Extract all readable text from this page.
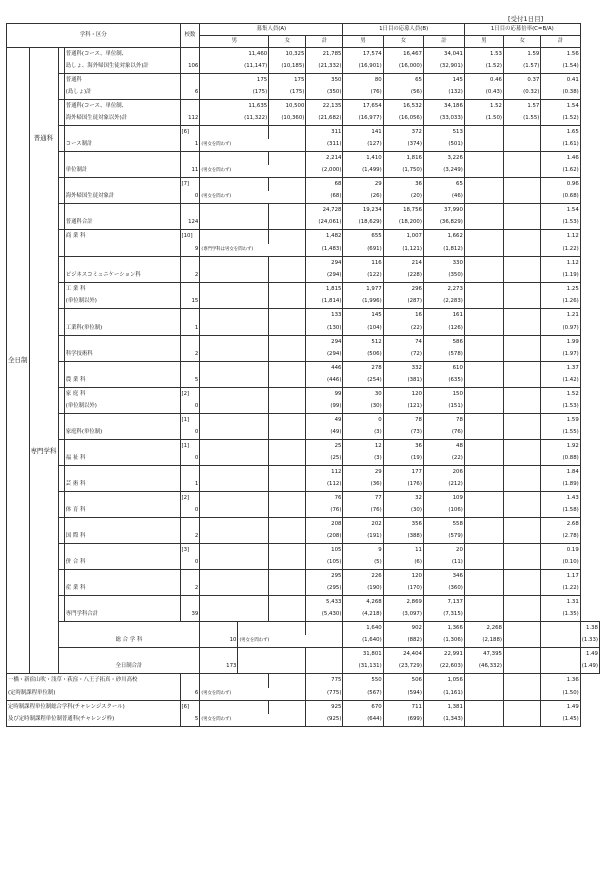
[受付1日目]
学科・区分				校数	募集人員(A)				1日目の応募人員(B)			1日目の応募倍率(C=B/A)			
					男		女	計	男	女	計	男	女	計	
全日制	普通科		普通科(コース、単位制、		11,460		10,325	21,785	17,574	16,467	34,041	1.53	1.59	1.56	
			島しょ、海外帰国生徒対象以外)計	106	(11,147)		(10,185)	(21,332)	(16,901)	(16,000)	(32,901)	(1.52)	(1.57)	(1.54)	
			普通科		175		175	350	80	65	145	0.46	0.37	0.41	
			(島しょ)計	6	(175)		(175)	(350)	(76)	(56)	(132)	(0.43)	(0.32)	(0.38)	
			普通科(コース、単位制、		11,635		10,500	22,135	17,654	16,532	34,186	1.52	1.57	1.54	
			海外帰国生徒対象以外)計	112	(11,322)		(10,360)	(21,682)	(16,977)	(16,056)	(33,033)	(1.50)	(1.55)	(1.52)	
				[6]				311	141	372	513			1.65	
			コース制計	1	(男女を問わず)			(311)	(127)	(374)	(501)			(1.61)	
								2,214	1,410	1,816	3,226			1.46	
			単位制計	11	(男女を問わず)			(2,000)	(1,499)	(1,750)	(3,249)			(1.62)	
				[7]				68	29	36	65			0.96	
			海外帰国生徒対象計	0	(男女を問わず)			(68)	(26)	(20)	(46)			(0.68)	
								24,728	19,234	18,756	37,990			1.54	
			普通科合計	124				(24,061)	(18,629)	(18,200)	(36,829)			(1.53)	
	専門学科		商 業 科	[10]				1,482	655	1,007	1,662			1.12	
				9	(専門学科は男女を問わず)			(1,483)	(691)	(1,121)	(1,812)			(1.22)	
								294	116	214	330			1.12	
			ビジネスコミュニケーション科	2				(294)	(122)	(228)	(350)			(1.19)	
			工 業 科					1,815	1,977	296	2,273			1.25	
			(単位制以外)	15				(1,814)	(1,996)	(287)	(2,283)			(1.26)	
								133	145	16	161			1.21	
			工業科(単位制)	1				(130)	(104)	(22)	(126)			(0.97)	
								294	512	74	586			1.99	
			科学技術科	2				(294)	(506)	(72)	(578)			(1.97)	
								446	278	332	610			1.37	
			農 業 科	5				(446)	(254)	(381)	(635)			(1.42)	
			家 庭 科	[2]				99	30	120	150			1.52	
			(単位制以外)	0				(99)	(30)	(121)	(151)			(1.53)	
				[1]				49	0	78	78			1.59	
			家庭科(単位制)	0				(49)	(3)	(73)	(76)			(1.55)	
				[1]				25	12	36	48			1.92	
			福 祉 科	0				(25)	(3)	(19)	(22)			(0.88)	
								112	29	177	206			1.84	
			芸 術 科	1				(112)	(36)	(176)	(212)			(1.89)	
				[2]				76	77	32	109			1.43	
			体 育 科	0				(76)	(76)	(30)	(106)			(1.58)	
								208	202	356	558			2.68	
			国 際 科	2				(208)	(191)	(388)	(579)			(2.78)	
				[3]				105	9	11	20			0.19	
			併 合 科	0				(105)	(5)	(6)	(11)			(0.10)	
								295	226	120	346			1.17	
			産 業 科	2				(295)	(190)	(170)	(360)			(1.22)	
								5,433	4,268	2,869	7,137			1.31	
			専門学科合計	39				(5,430)	(4,218)	(3,097)	(7,315)			(1.35)	
									1,640	902	1,366	2,268			1.38
		総 合 学 科			10	(男女を問わず)			(1,640)	(882)	(1,306)	(2,188)			(1.33)
									31,801	24,404	22,991	47,395			1.49
		全日制合計			173				(31,131)	(23,729)	(22,603)	(46,332)			(1.49)
一橋・新宿山吹・浅草・荻窪・八王子拓真・砂川高校								775	550	506	1,056			1.36	
(定時制課程単位制)				6	(男女を問わず)			(775)	(567)	(594)	(1,161)			(1.50)	
定時制課程単位制総合学科(チャレンジスクール)				[6]				925	670	711	1,381			1.49	
及び定時制課程単位制普通科(チャレンジ枠)				5	(男女を問わず)			(925)	(644)	(699)	(1,343)			(1.45)	
